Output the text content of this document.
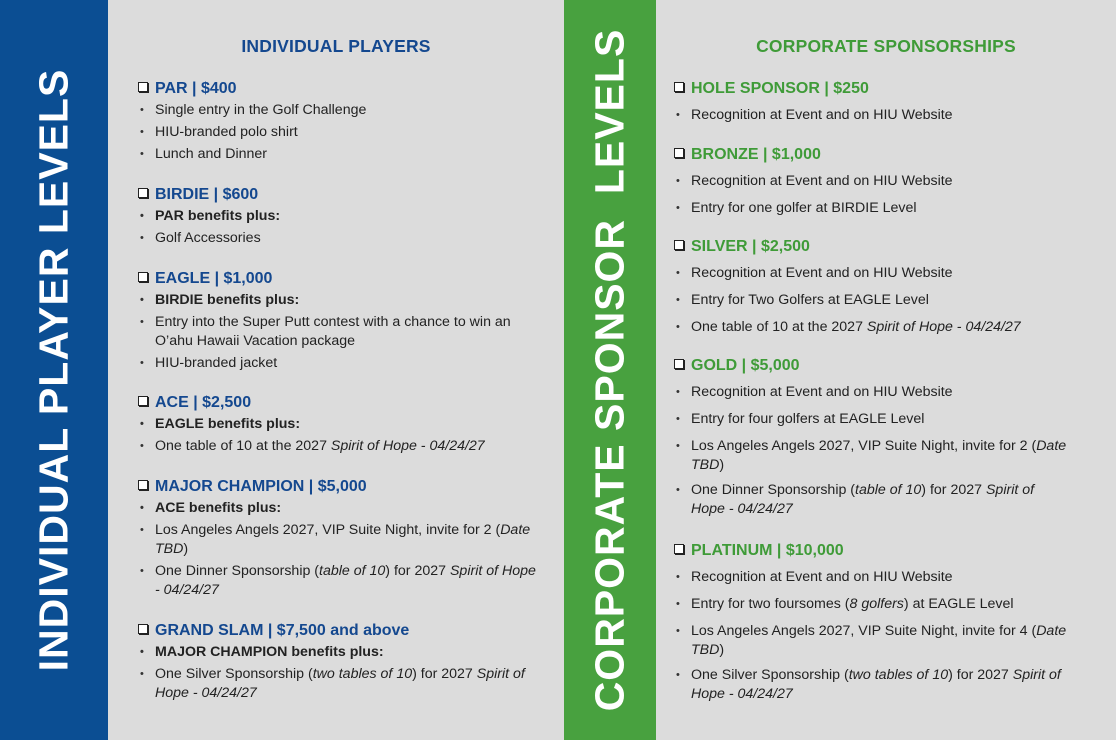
INDIVIDUAL PLAYER LEVELS
INDIVIDUAL PLAYERS
PAR | $400
• Single entry in the Golf Challenge
• HIU-branded polo shirt
• Lunch and Dinner
BIRDIE | $600
• PAR benefits plus:
• Golf Accessories
EAGLE | $1,000
• BIRDIE benefits plus:
• Entry into the Super Putt contest with a chance to win an O’ahu Hawaii Vacation package
• HIU-branded jacket
ACE | $2,500
• EAGLE benefits plus:
• One table of 10 at the 2027 Spirit of Hope - 04/24/27
MAJOR CHAMPION | $5,000
• ACE benefits plus:
• Los Angeles Angels 2027, VIP Suite Night, invite for 2 (Date TBD)
• One Dinner Sponsorship (table of 10) for 2027 Spirit of Hope - 04/24/27
GRAND SLAM | $7,500 and above
• MAJOR CHAMPION benefits plus:
• One Silver Sponsorship (two tables of 10) for 2027 Spirit of Hope - 04/24/27	CORPORATE SPONSOR  LEVELS	CORPORATE SPONSORSHIPS
HOLE SPONSOR | $250
• Recognition at Event and on HIU Website
BRONZE | $1,000
• Recognition at Event and on HIU Website
• Entry for one golfer at BIRDIE Level
SILVER | $2,500
• Recognition at Event and on HIU Website
• Entry for Two Golfers at EAGLE Level
• One table of 10 at the 2027 Spirit of Hope - 04/24/27
GOLD | $5,000
• Recognition at Event and on HIU Website
• Entry for four golfers at EAGLE Level
• Los Angeles Angels 2027, VIP Suite Night, invite for 2 (Date TBD)
• One Dinner Sponsorship (table of 10) for 2027 Spirit of Hope - 04/24/27
PLATINUM | $10,000
• Recognition at Event and on HIU Website
• Entry for two foursomes (8 golfers) at EAGLE Level
• Los Angeles Angels 2027, VIP Suite Night, invite for 4 (Date TBD)
• One Silver Sponsorship (two tables of 10) for 2027 Spirit of Hope - 04/24/27
